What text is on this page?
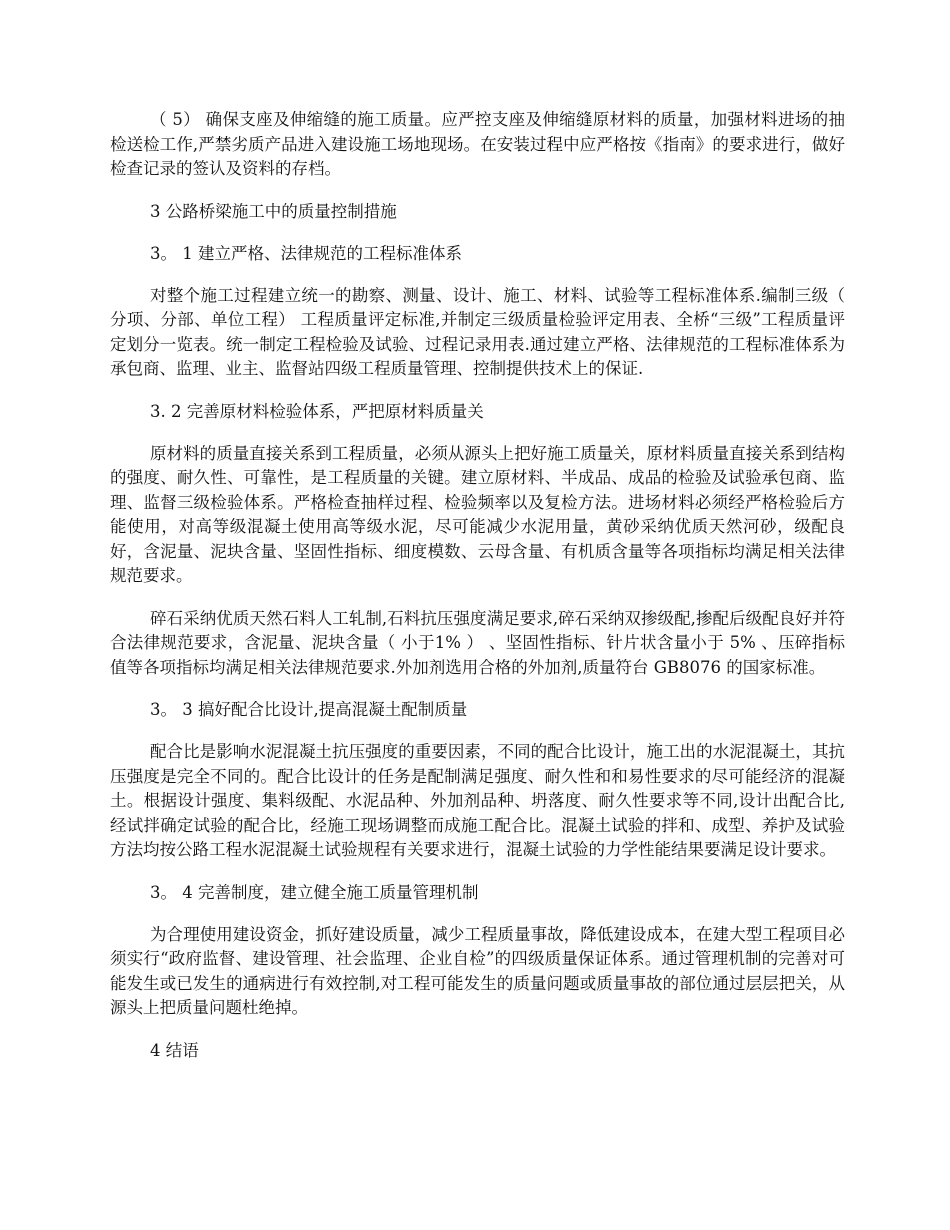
（ 5） 确保支座及伸缩缝的施工质量。应严控支座及伸缩缝原材料的质量，加强材料进场的抽检送检工作,严禁劣质产品进入建设施工场地现场。在安装过程中应严格按《指南》的要求进行，做好检查记录的签认及资料的存档。

3 公路桥梁施工中的质量控制措施

3。 1 建立严格、法律规范的工程标准体系

对整个施工过程建立统一的勘察、测量、设计、施工、材料、试验等工程标准体系.编制三级（ 分项、分部、单位工程） 工程质量评定标准,并制定三级质量检验评定用表、全桥“三级”工程质量评定划分一览表。统一制定工程检验及试验、过程记录用表.通过建立严格、法律规范的工程标准体系为承包商、监理、业主、监督站四级工程质量管理、控制提供技术上的保证.

3. 2 完善原材料检验体系，严把原材料质量关

原材料的质量直接关系到工程质量，必须从源头上把好施工质量关，原材料质量直接关系到结构的强度、耐久性、可靠性，是工程质量的关键。建立原材料、半成品、成品的检验及试验承包商、监理、监督三级检验体系。严格检查抽样过程、检验频率以及复检方法。进场材料必须经严格检验后方能使用，对高等级混凝土使用高等级水泥，尽可能减少水泥用量，黄砂采纳优质天然河砂，级配良好，含泥量、泥块含量、坚固性指标、细度模数、云母含量、有机质含量等各项指标均满足相关法律规范要求。

碎石采纳优质天然石料人工轧制,石料抗压强度满足要求,碎石采纳双掺级配,掺配后级配良好并符合法律规范要求，含泥量、泥块含量（ 小于1% ） 、坚固性指标、针片状含量小于 5% 、压碎指标值等各项指标均满足相关法律规范要求.外加剂选用合格的外加剂,质量符台 GB8076 的国家标准。

3。 3 搞好配合比设计,提高混凝土配制质量

配合比是影响水泥混凝土抗压强度的重要因素，不同的配合比设计，施工出的水泥混凝土，其抗压强度是完全不同的。配合比设计的任务是配制满足强度、耐久性和和易性要求的尽可能经济的混凝土。根据设计强度、集料级配、水泥品种、外加剂品种、坍落度、耐久性要求等不同,设计出配合比,经试拌确定试验的配合比，经施工现场调整而成施工配合比。混凝土试验的拌和、成型、养护及试验方法均按公路工程水泥混凝土试验规程有关要求进行，混凝土试验的力学性能结果要满足设计要求。

3。 4 完善制度，建立健全施工质量管理机制

为合理使用建设资金，抓好建设质量，减少工程质量事故，降低建设成本，在建大型工程项目必须实行“政府监督、建设管理、社会监理、企业自检”的四级质量保证体系。通过管理机制的完善对可能发生或已发生的通病进行有效控制,对工程可能发生的质量问题或质量事故的部位通过层层把关，从源头上把质量问题杜绝掉。

4 结语
